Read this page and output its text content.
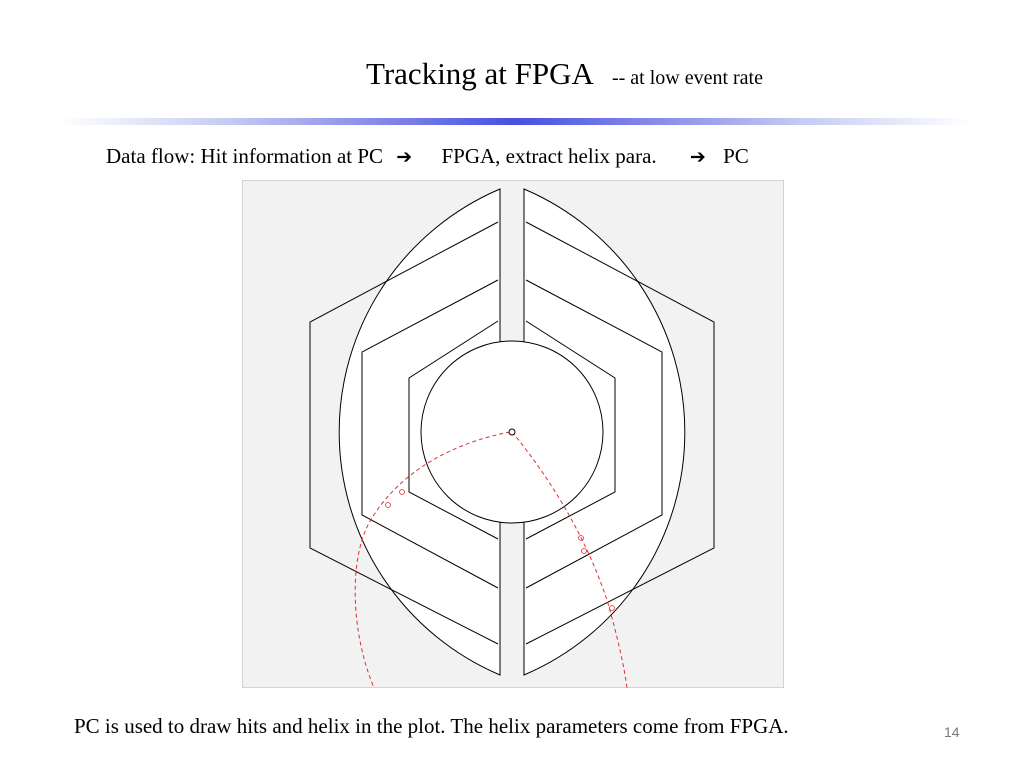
Tracking at FPGA -- at low event rate
Data flow: Hit information at PC ➔ FPGA, extract helix para. ➔ PC
PC is used to draw hits and helix in the plot. The helix parameters come from FPGA.	14
